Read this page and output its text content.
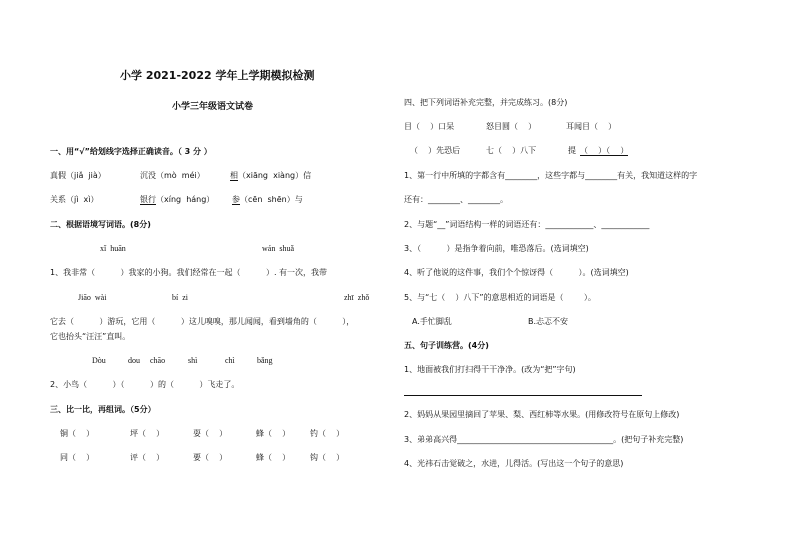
小学 2021-2022 学年上学期模拟检测
小学三年级语文试卷
一、用“√”给划线字选择正确读音。（ 3 分 ）
真假（jiǎ  jià）	沉没（mò  méi）	相（xiāng  xiàng）信
关系（jì  xì）	银行（xíng  háng） 参（cēn  shēn）与
二、根据语境写词语。(8分)
xǐ  huān	wán  shuǎ
1、我非常（          ）我家的小狗。我们经常在一起（          ）. 有一次，我带
Jiāo  wài	bí  zi	zhī  zhǒ
它去（          ）游玩，它用（          ）这儿嗅嗅，那儿闻闻，看到墙角的（          ），
它也抬头“汪汪”直叫。
Dòu	dou chāo	shì	chì	bǎng
2、小鸟（          ）（          ）的（          ）飞走了。
三、比一比，再组词。（5分）
铜（    ）	坪（    ）	耍（    ）	蜂（    ） 钓（    ）
同（    ）	评（    ）	要（    ）	蜂（    ） 钩（    ）
四、把下列词语补充完整，并完成练习。(8分)
目（    ）口呆	怒目圆（    ）	耳闻目（    ）
（    ）先恐后	七（    ）八下	提 （    ）（    ）
1、第一行中所填的字都含有________，这些字都与________有关，我知道这样的字
还有：________、________。
2、与题“__”词语结构一样的词语还有：____________、____________
3、（          ）是指争着向前，唯恐落后。(选词填空)
4、听了他说的这件事，我们个个惊讶得（          ）。(选词填空)
5、与“七（    ）八下”的意思相近的词语是（        ）。
A.手忙脚乱	B.忐忑不安
五、句子训练营。(4分)
1、地面被我们打扫得干干净净。(改为“把”字句)
2、妈妈从果园里摘回了苹果、梨、西红柿等水果。(用修改符号在原句上修改)
3、弟弟高兴得_______________________________________。(把句子补充完整)
4、光祎石击觉破之，水进，儿得活。(写出这一个句子的意思)
